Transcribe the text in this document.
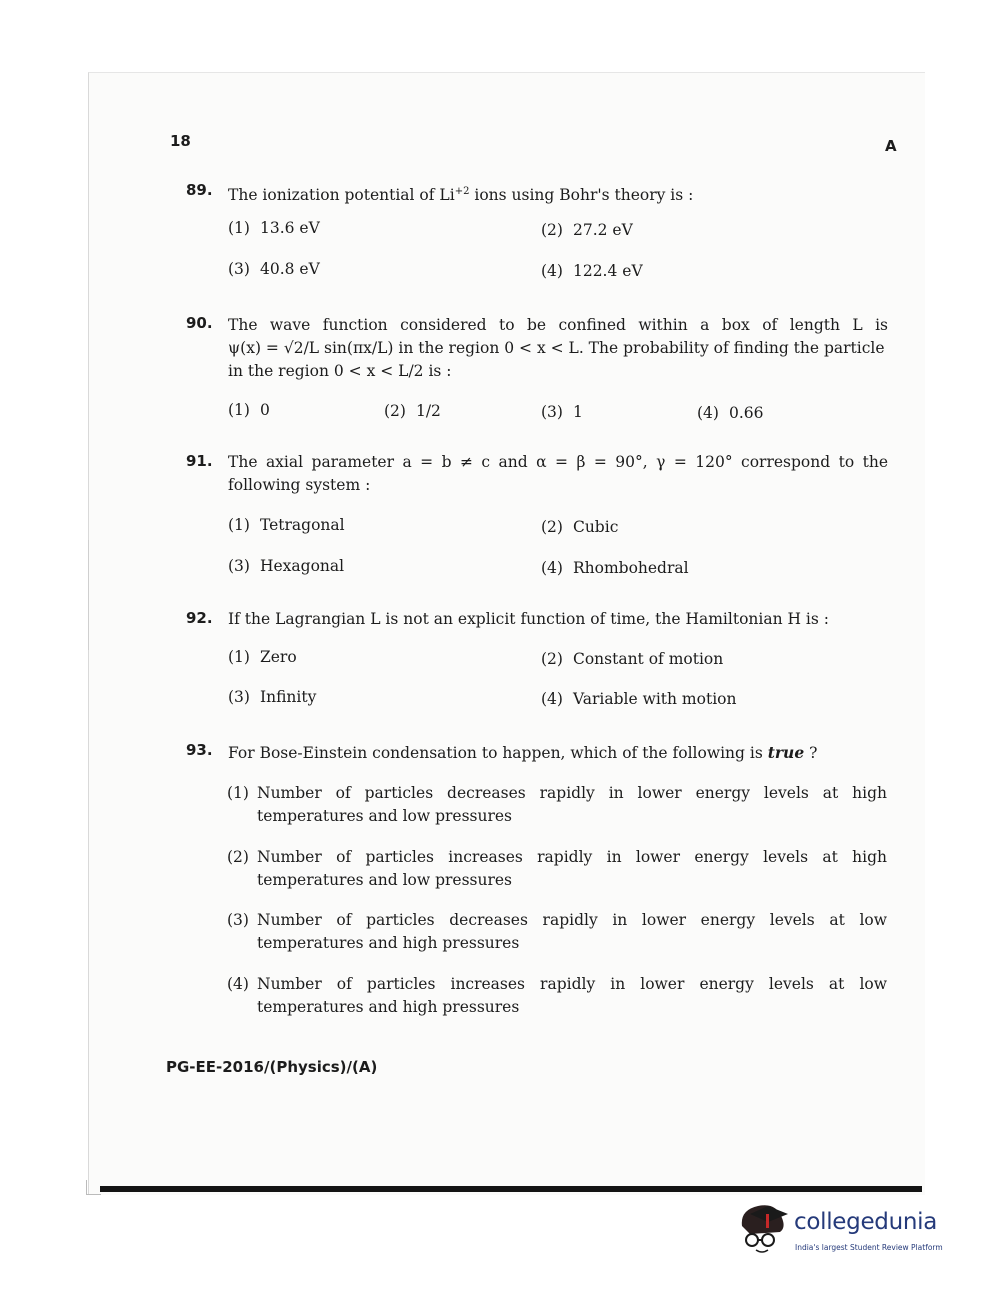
18	A
89. The ionization potential of $Li^{+2}$ ions using Bohr's theory is :
(1) 13.6 eV	(2) 27.2 eV
(3) 40.8 eV	(4) 122.4 eV
90. The wave function considered to be confined within a box of length L is
ψ(x) = √2/L sin(πx/L) in the region 0 < x < L. The probability of finding the particle
in the region 0 < x < L/2 is :
(1) 0	(2) 1/2	(3) 1	(4) 0.66
91. The axial parameter a = b ≠ c and α = β = 90°, γ = 120° correspond to the following system :
(1) Tetragonal	(2) Cubic
(3) Hexagonal	(4) Rhombohedral
92. If the Lagrangian L is not an explicit function of time, the Hamiltonian H is :
(1) Zero	(2) Constant of motion
(3) Infinity	(4) Variable with motion
93. For Bose-Einstein condensation to happen, which of the following is true ?
(1) Number of particles decreases rapidly in lower energy levels at high temperatures and low pressures
(2) Number of particles increases rapidly in lower energy levels at high temperatures and low pressures
(3) Number of particles decreases rapidly in lower energy levels at low temperatures and high pressures
(4) Number of particles increases rapidly in lower energy levels at low temperatures and high pressures
PG-EE-2016/(Physics)/(A)
collegedunia
India's largest Student Review Platform
